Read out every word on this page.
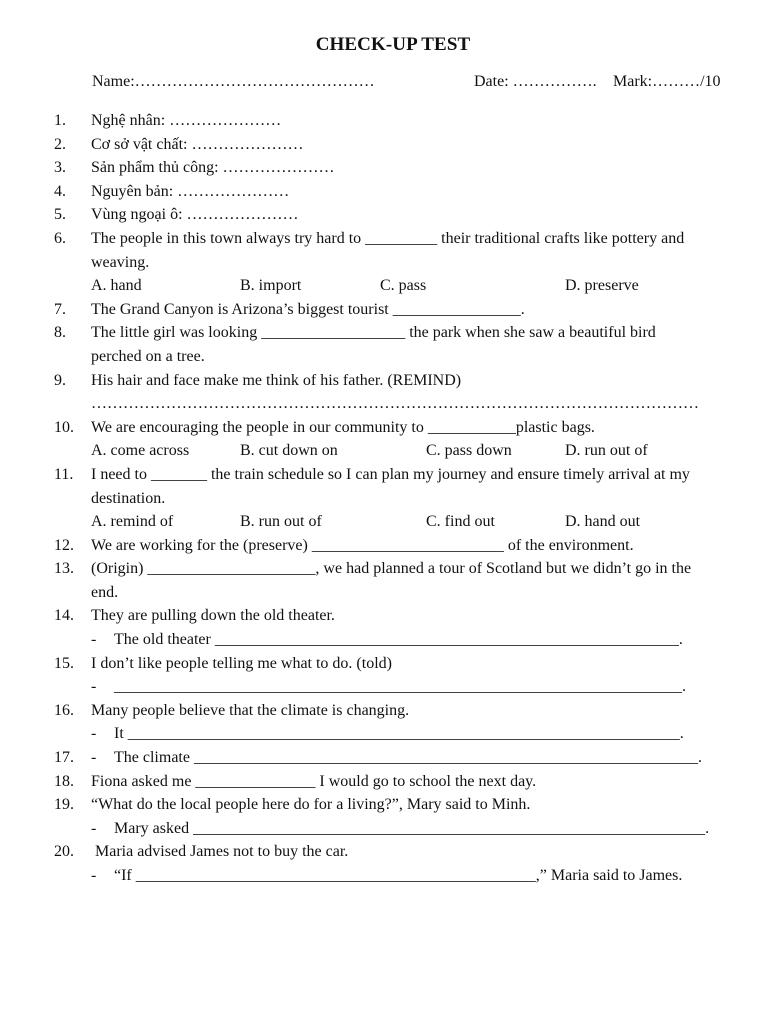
CHECK-UP TEST
Name:………………………………………	Date: ……………. Mark:………/10
1. Nghệ nhân: …………………
2. Cơ sở vật chất: …………………
3. Sản phẩm thủ công: …………………
4. Nguyên bản: …………………
5. Vùng ngoại ô: …………………
6. The people in this town always try hard to _________ their traditional crafts like pottery and
weaving.
A. hand	B. import	C. pass	D. preserve
7. The Grand Canyon is Arizona’s biggest tourist ________________.
8. The little girl was looking __________________ the park when she saw a beautiful bird
perched on a tree.
9. His hair and face make me think of his father. (REMIND)
……………………………………………………………………………………………………
10. We are encouraging the people in our community to ___________plastic bags.
A. come across	B. cut down on	C. pass down	D. run out of
11. I need to _______ the train schedule so I can plan my journey and ensure timely arrival at my
destination.
A. remind of	B. run out of	C. find out	D. hand out
12. We are working for the (preserve) ________________________ of the environment.
13. (Origin) _____________________, we had planned a tour of Scotland but we didn’t go in the
end.
14. They are pulling down the old theater.
- The old theater __________________________________________________________.
15. I don’t like people telling me what to do. (told)
- _______________________________________________________________________.
16. Many people believe that the climate is changing.
- It _____________________________________________________________________.
17. - The climate _______________________________________________________________.
18. Fiona asked me _______________ I would go to school the next day.
19. “What do the local people here do for a living?”, Mary said to Minh.
- Mary asked ________________________________________________________________.
20. Maria advised James not to buy the car.
- “If __________________________________________________,” Maria said to James.
